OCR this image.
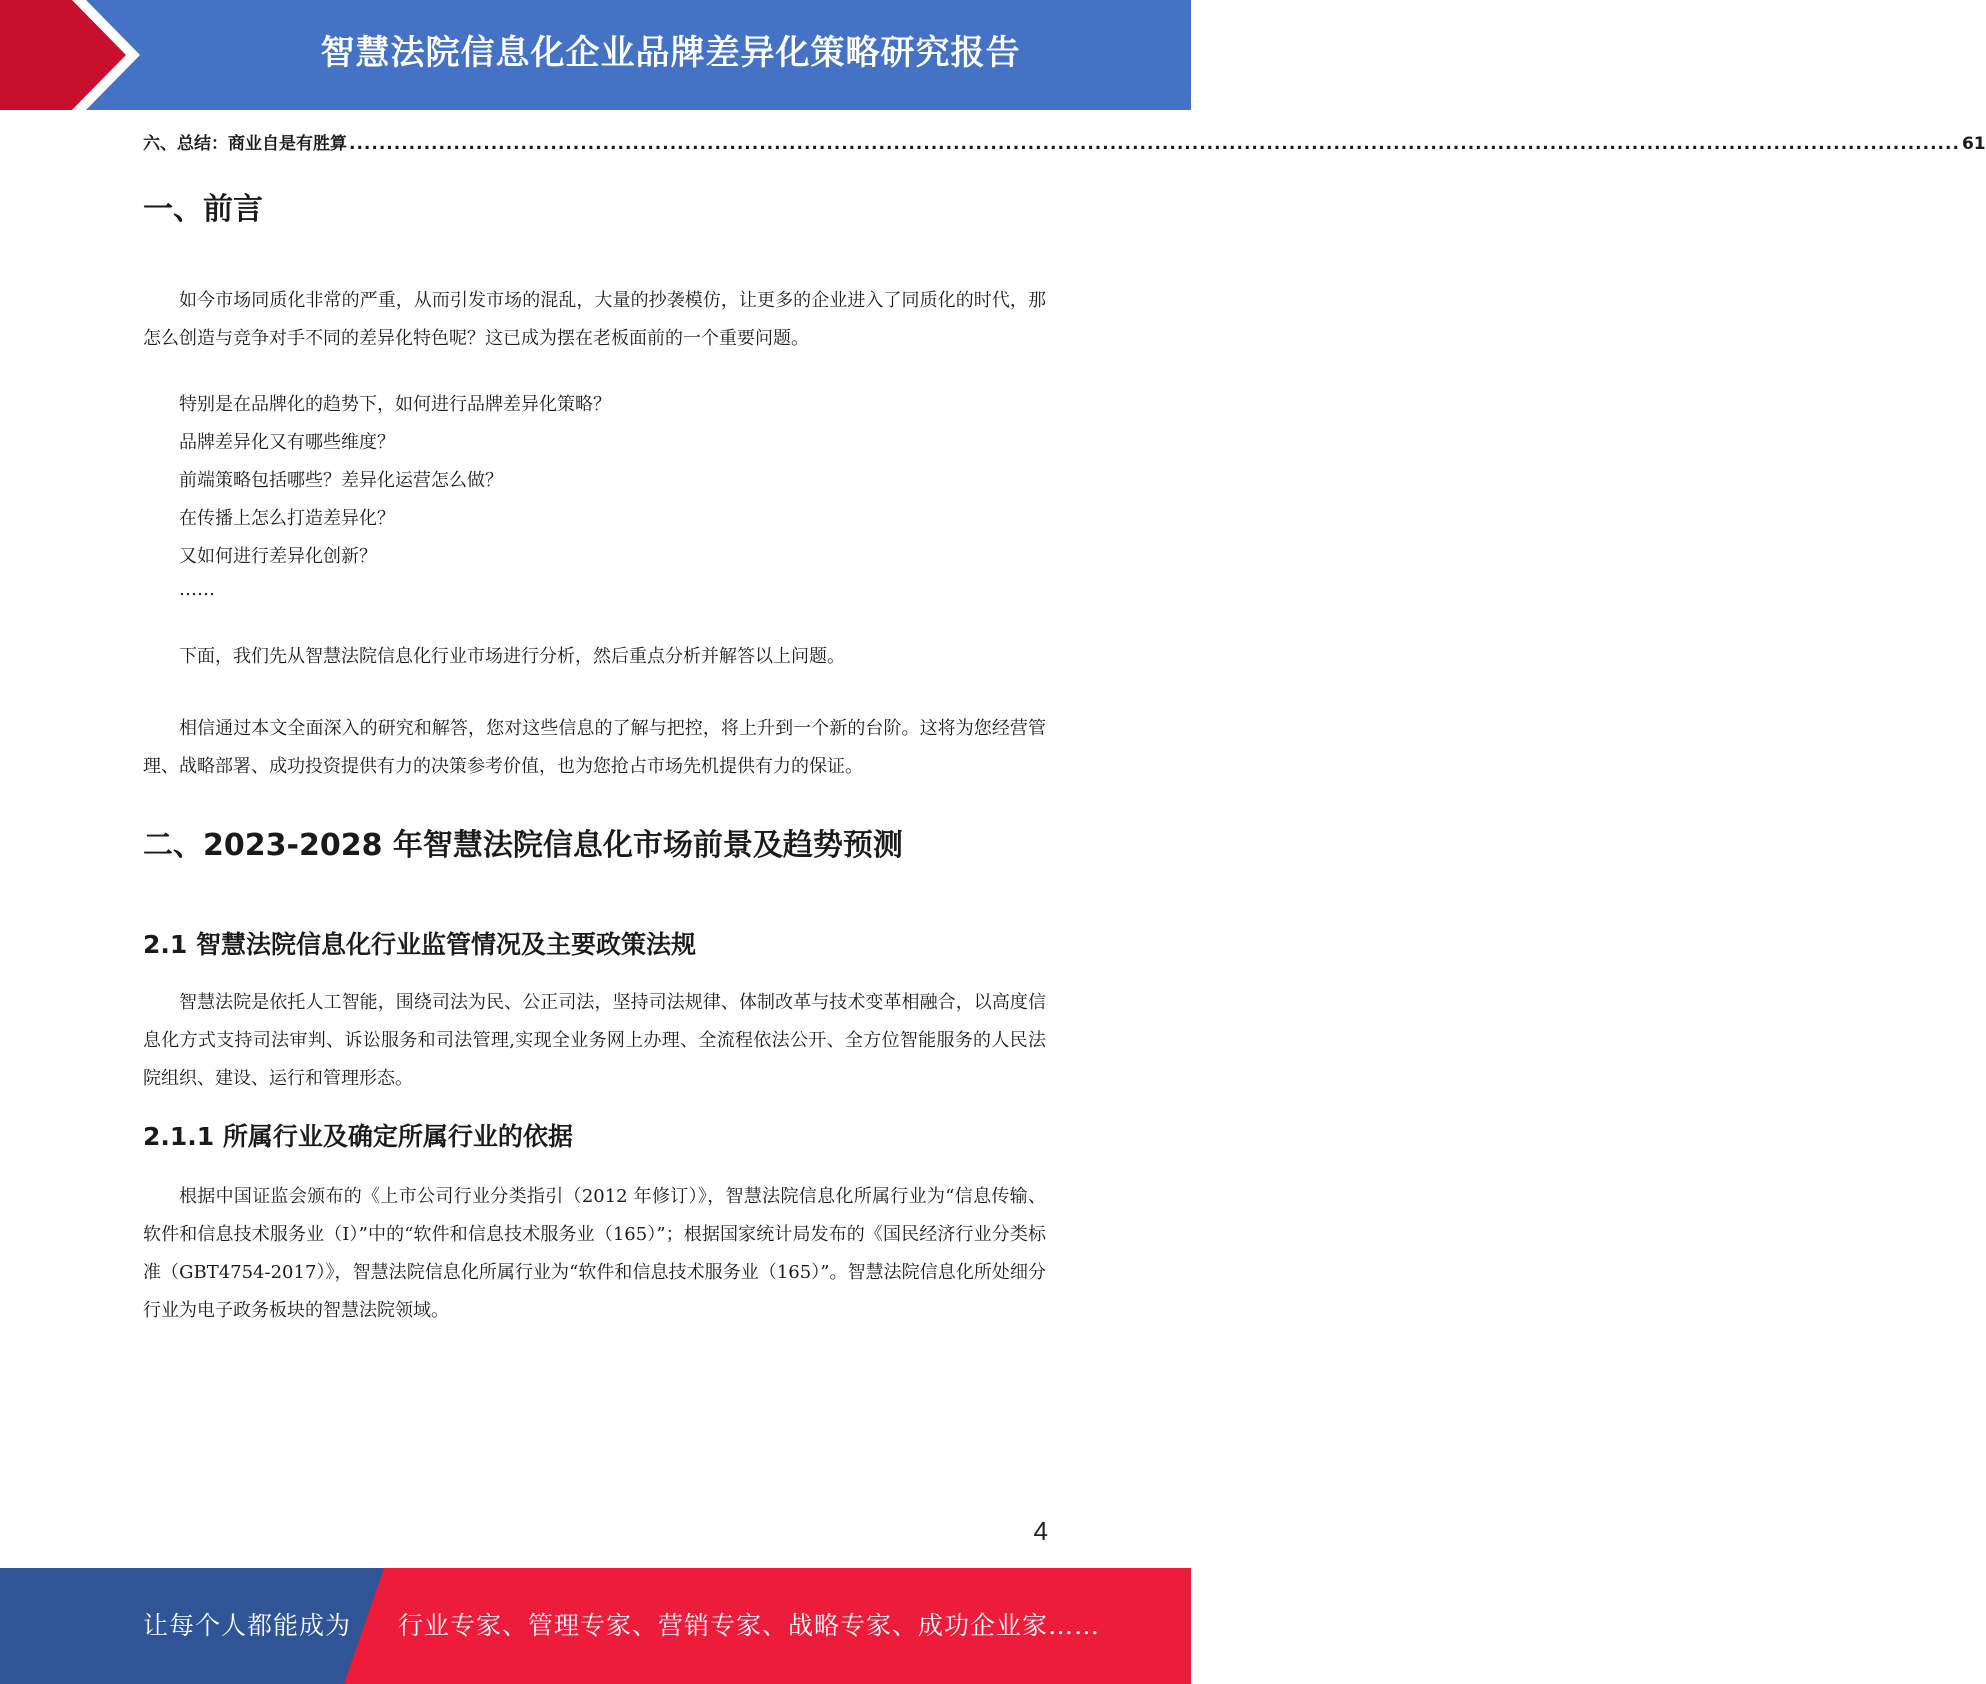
智慧法院信息化企业品牌差异化策略研究报告
六、总结：商业自是有胜算 ........................................................................................................................................................................................................................ 61
一、前言

如今市场同质化非常的严重，从而引发市场的混乱，大量的抄袭模仿，让更多的企业进入了同质化的时代，那怎么创造与竞争对手不同的差异化特色呢？这已成为摆在老板面前的一个重要问题。

特别是在品牌化的趋势下，如何进行品牌差异化策略？
品牌差异化又有哪些维度？
前端策略包括哪些？差异化运营怎么做？
在传播上怎么打造差异化？
又如何进行差异化创新？
……

下面，我们先从智慧法院信息化行业市场进行分析，然后重点分析并解答以上问题。

相信通过本文全面深入的研究和解答，您对这些信息的了解与把控，将上升到一个新的台阶。这将为您经营管理、战略部署、成功投资提供有力的决策参考价值，也为您抢占市场先机提供有力的保证。

二、2023-2028 年智慧法院信息化市场前景及趋势预测
2.1 智慧法院信息化行业监管情况及主要政策法规

智慧法院是依托人工智能，围绕司法为民、公正司法，坚持司法规律、体制改革与技术变革相融合，以高度信息化方式支持司法审判、诉讼服务和司法管理,实现全业务网上办理、全流程依法公开、全方位智能服务的人民法院组织、建设、运行和管理形态。

2.1.1 所属行业及确定所属行业的依据

根据中国证监会颁布的《上市公司行业分类指引（2012 年修订）》，智慧法院信息化所属行业为“信息传输、软件和信息技术服务业（I）”中的“软件和信息技术服务业（165）”；根据国家统计局发布的《国民经济行业分类标准（GBT4754-2017）》，智慧法院信息化所属行业为“软件和信息技术服务业（165）”。智慧法院信息化所处细分行业为电子政务板块的智慧法院领域。

4
让每个人都能成为 行业专家、管理专家、营销专家、战略专家、成功企业家……
